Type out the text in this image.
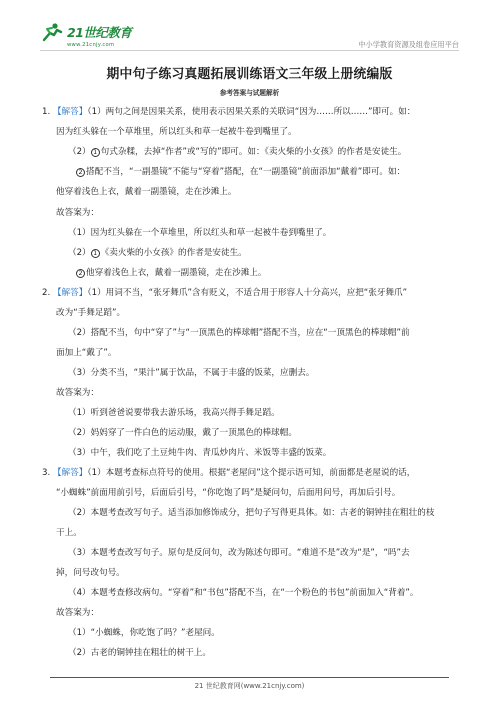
21世纪教育
www.21cnjy.com	中小学教育资源及组卷应用平台
期中句子练习真题拓展训练语文三年级上册统编版
参考答案与试题解析
1. 【解答】（1）两句之间是因果关系，使用表示因果关系的关联词“因为……所以……”即可。如：
因为红头躲在一个草堆里，所以红头和草一起被牛卷到嘴里了。
（2） 1 句式杂糅，去掉“作者”或“写的”即可。如：《卖火柴的小女孩》的作者是安徒生。
2 搭配不当，“一副墨镜”不能与“穿着”搭配，在“一副墨镜”前面添加“戴着”即可。如：
他穿着浅色上衣，戴着一副墨镜，走在沙滩上。
故答案为：
（1）因为红头躲在一个草堆里，所以红头和草一起被牛卷到嘴里了。
（2） 1 《卖火柴的小女孩》的作者是安徒生。
2 他穿着浅色上衣，戴着一副墨镜，走在沙滩上。
2. 【解答】（1）用词不当，“张牙舞爪”含有贬义，不适合用于形容人十分高兴，应把“张牙舞爪”
改为“手舞足蹈”。
（2）搭配不当，句中“穿了”与“一顶黑色的棒球帽”搭配不当，应在“一顶黑色的棒球帽”前
面加上“戴了”。
（3）分类不当，“果汁”属于饮品，不属于丰盛的饭菜，应删去。
故答案为：
（1）听到爸爸说要带我去游乐场，我高兴得手舞足蹈。
（2）妈妈穿了一件白色的运动服，戴了一顶黑色的棒球帽。
（3）中午，我们吃了土豆炖牛肉、青瓜炒肉片、米饭等丰盛的饭菜。
3. 【解答】（1）本题考查标点符号的使用。根据“老屋问”这个提示语可知，前面都是老屋说的话，
“小蜘蛛”前面用前引号，后面后引号，“你吃饱了吗”是疑问句，后面用问号，再加后引号。
（2）本题考查改写句子。适当添加修饰成分，把句子写得更具体。如：古老的铜钟挂在粗壮的枝
干上。
（3）本题考查改写句子。原句是反问句，改为陈述句即可。“难道不是”改为“是”，“吗”去
掉，问号改句号。
（4）本题考查修改病句。“穿着”和“书包”搭配不当，在“一个粉色的书包”前面加入“背着”。
故答案为：
（1）“小蜘蛛，你吃饱了吗？”老屋问。
（2）古老的铜钟挂在粗壮的树干上。
21 世纪教育网(www.21cnjy.com)
